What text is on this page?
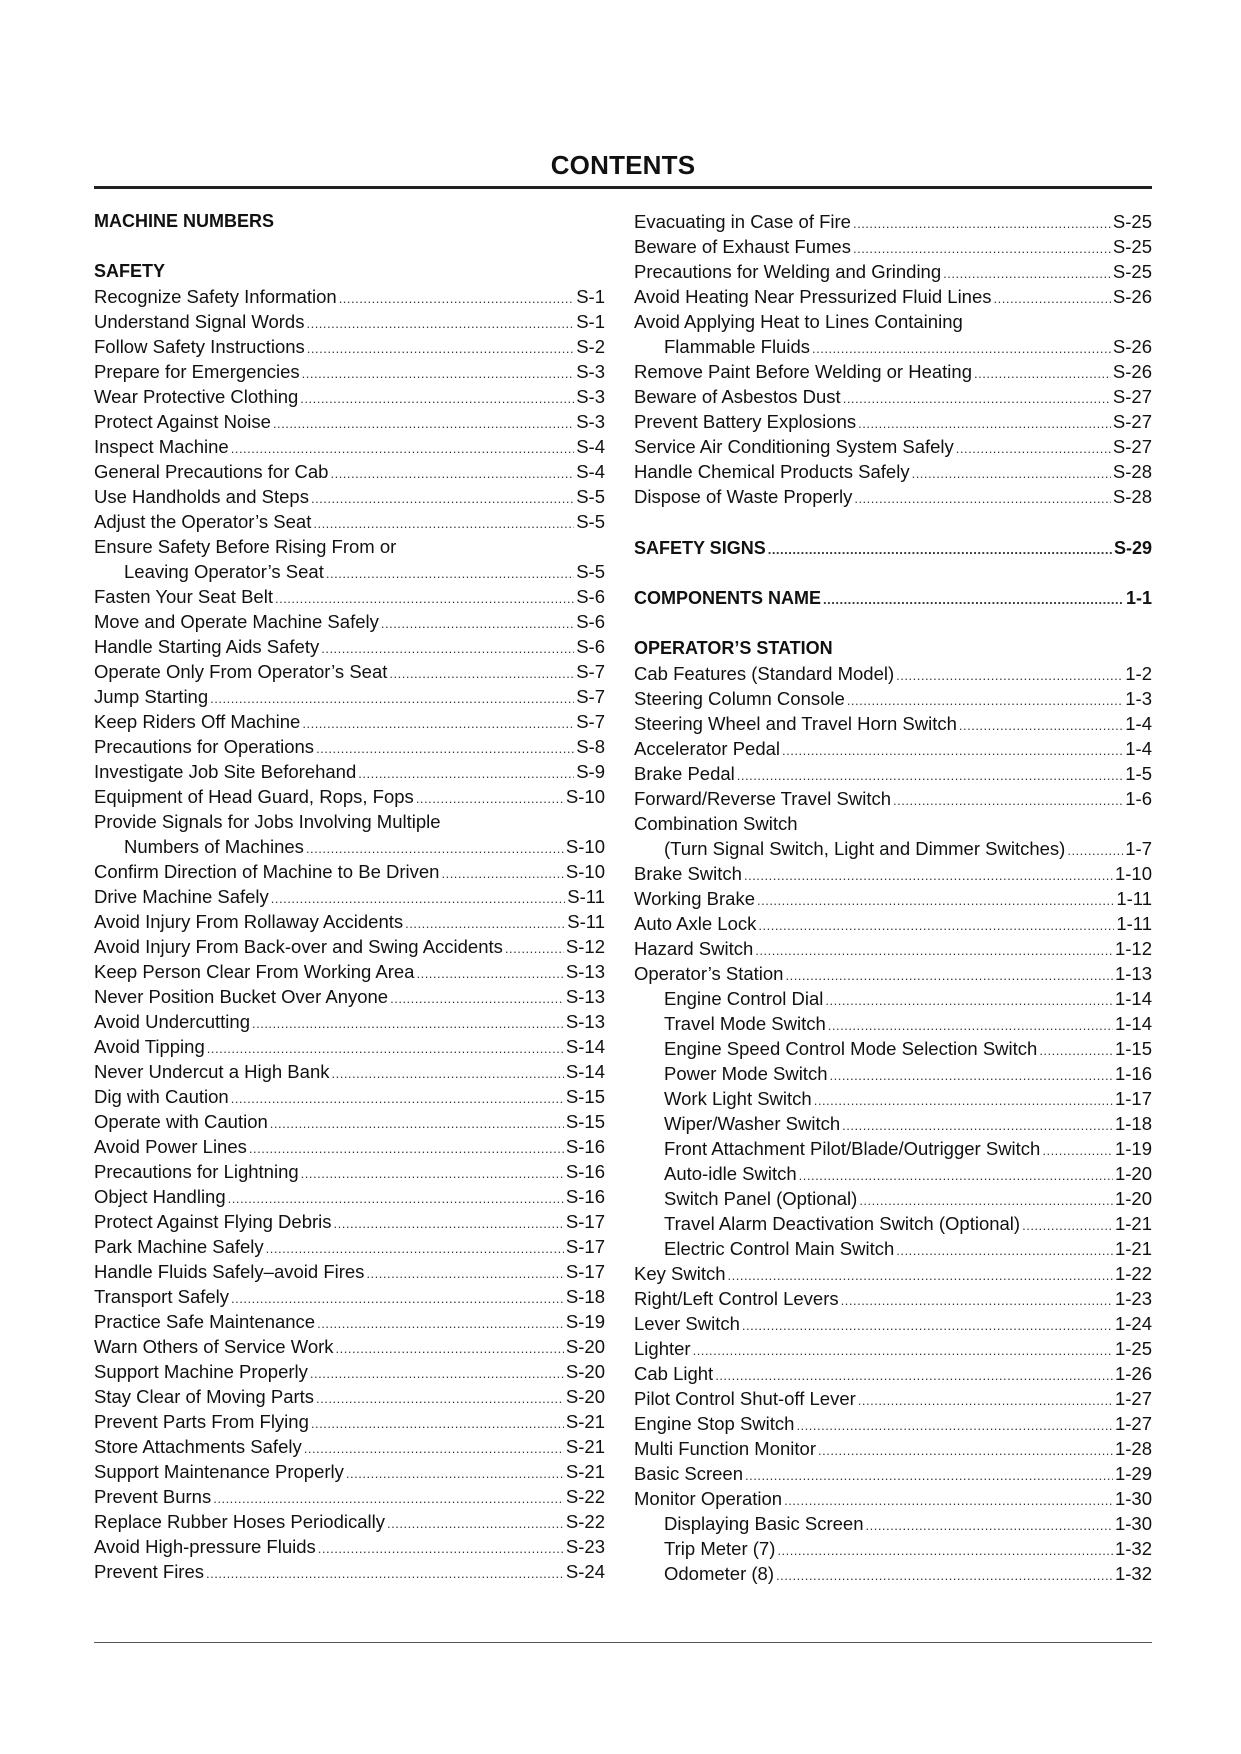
CONTENTS
MACHINE NUMBERS
SAFETY
Recognize Safety Information .....	S-1
Understand Signal Words .....	S-1
Follow Safety Instructions .....	S-2
Prepare for Emergencies .....	S-3
Wear Protective Clothing .....	S-3
Protect Against Noise .....	S-3
Inspect Machine .....	S-4
General Precautions for Cab .....	S-4
Use Handholds and Steps .....	S-5
Adjust the Operator’s Seat .....	S-5
Ensure Safety Before Rising From or
Leaving Operator’s Seat .....	S-5
Fasten Your Seat Belt .....	S-6
Move and Operate Machine Safely .....	S-6
Handle Starting Aids Safety .....	S-6
Operate Only From Operator’s Seat .....	S-7
Jump Starting .....	S-7
Keep Riders Off Machine .....	S-7
Precautions for Operations .....	S-8
Investigate Job Site Beforehand .....	S-9
Equipment of Head Guard, Rops, Fops .....	S-10
Provide Signals for Jobs Involving Multiple
Numbers of Machines .....	S-10
Confirm Direction of Machine to Be Driven .....	S-10
Drive Machine Safely .....	S-11
Avoid Injury From Rollaway Accidents .....	S-11
Avoid Injury From Back-over and Swing Accidents .....	S-12
Keep Person Clear From Working Area .....	S-13
Never Position Bucket Over Anyone .....	S-13
Avoid Undercutting .....	S-13
Avoid Tipping .....	S-14
Never Undercut a High Bank .....	S-14
Dig with Caution .....	S-15
Operate with Caution .....	S-15
Avoid Power Lines .....	S-16
Precautions for Lightning .....	S-16
Object Handling .....	S-16
Protect Against Flying Debris .....	S-17
Park Machine Safely .....	S-17
Handle Fluids Safely–avoid Fires .....	S-17
Transport Safely .....	S-18
Practice Safe Maintenance .....	S-19
Warn Others of Service Work .....	S-20
Support Machine Properly .....	S-20
Stay Clear of Moving Parts .....	S-20
Prevent Parts From Flying .....	S-21
Store Attachments Safely .....	S-21
Support Maintenance Properly .....	S-21
Prevent Burns .....	S-22
Replace Rubber Hoses Periodically .....	S-22
Avoid High-pressure Fluids .....	S-23
Prevent Fires .....	S-24
Evacuating in Case of Fire .....	S-25
Beware of Exhaust Fumes .....	S-25
Precautions for Welding and Grinding .....	S-25
Avoid Heating Near Pressurized Fluid Lines .....	S-26
Avoid Applying Heat to Lines Containing
Flammable Fluids .....	S-26
Remove Paint Before Welding or Heating .....	S-26
Beware of Asbestos Dust .....	S-27
Prevent Battery Explosions .....	S-27
Service Air Conditioning System Safely .....	S-27
Handle Chemical Products Safely .....	S-28
Dispose of Waste Properly .....	S-28
SAFETY SIGNS .....	S-29
COMPONENTS NAME .....	1-1
OPERATOR’S STATION
Cab Features (Standard Model) .....	1-2
Steering Column Console .....	1-3
Steering Wheel and Travel Horn Switch .....	1-4
Accelerator Pedal .....	1-4
Brake Pedal .....	1-5
Forward/Reverse Travel Switch .....	1-6
Combination Switch
(Turn Signal Switch, Light and Dimmer Switches) .....	1-7
Brake Switch .....	1-10
Working Brake .....	1-11
Auto Axle Lock .....	1-11
Hazard Switch .....	1-12
Operator’s Station .....	1-13
Engine Control Dial .....	1-14
Travel Mode Switch .....	1-14
Engine Speed Control Mode Selection Switch .....	1-15
Power Mode Switch .....	1-16
Work Light Switch .....	1-17
Wiper/Washer Switch .....	1-18
Front Attachment Pilot/Blade/Outrigger Switch .....	1-19
Auto-idle Switch .....	1-20
Switch Panel (Optional) .....	1-20
Travel Alarm Deactivation Switch (Optional) .....	1-21
Electric Control Main Switch .....	1-21
Key Switch .....	1-22
Right/Left Control Levers .....	1-23
Lever Switch .....	1-24
Lighter .....	1-25
Cab Light .....	1-26
Pilot Control Shut-off Lever .....	1-27
Engine Stop Switch .....	1-27
Multi Function Monitor .....	1-28
Basic Screen .....	1-29
Monitor Operation .....	1-30
Displaying Basic Screen .....	1-30
Trip Meter (7) .....	1-32
Odometer (8) .....	1-32
